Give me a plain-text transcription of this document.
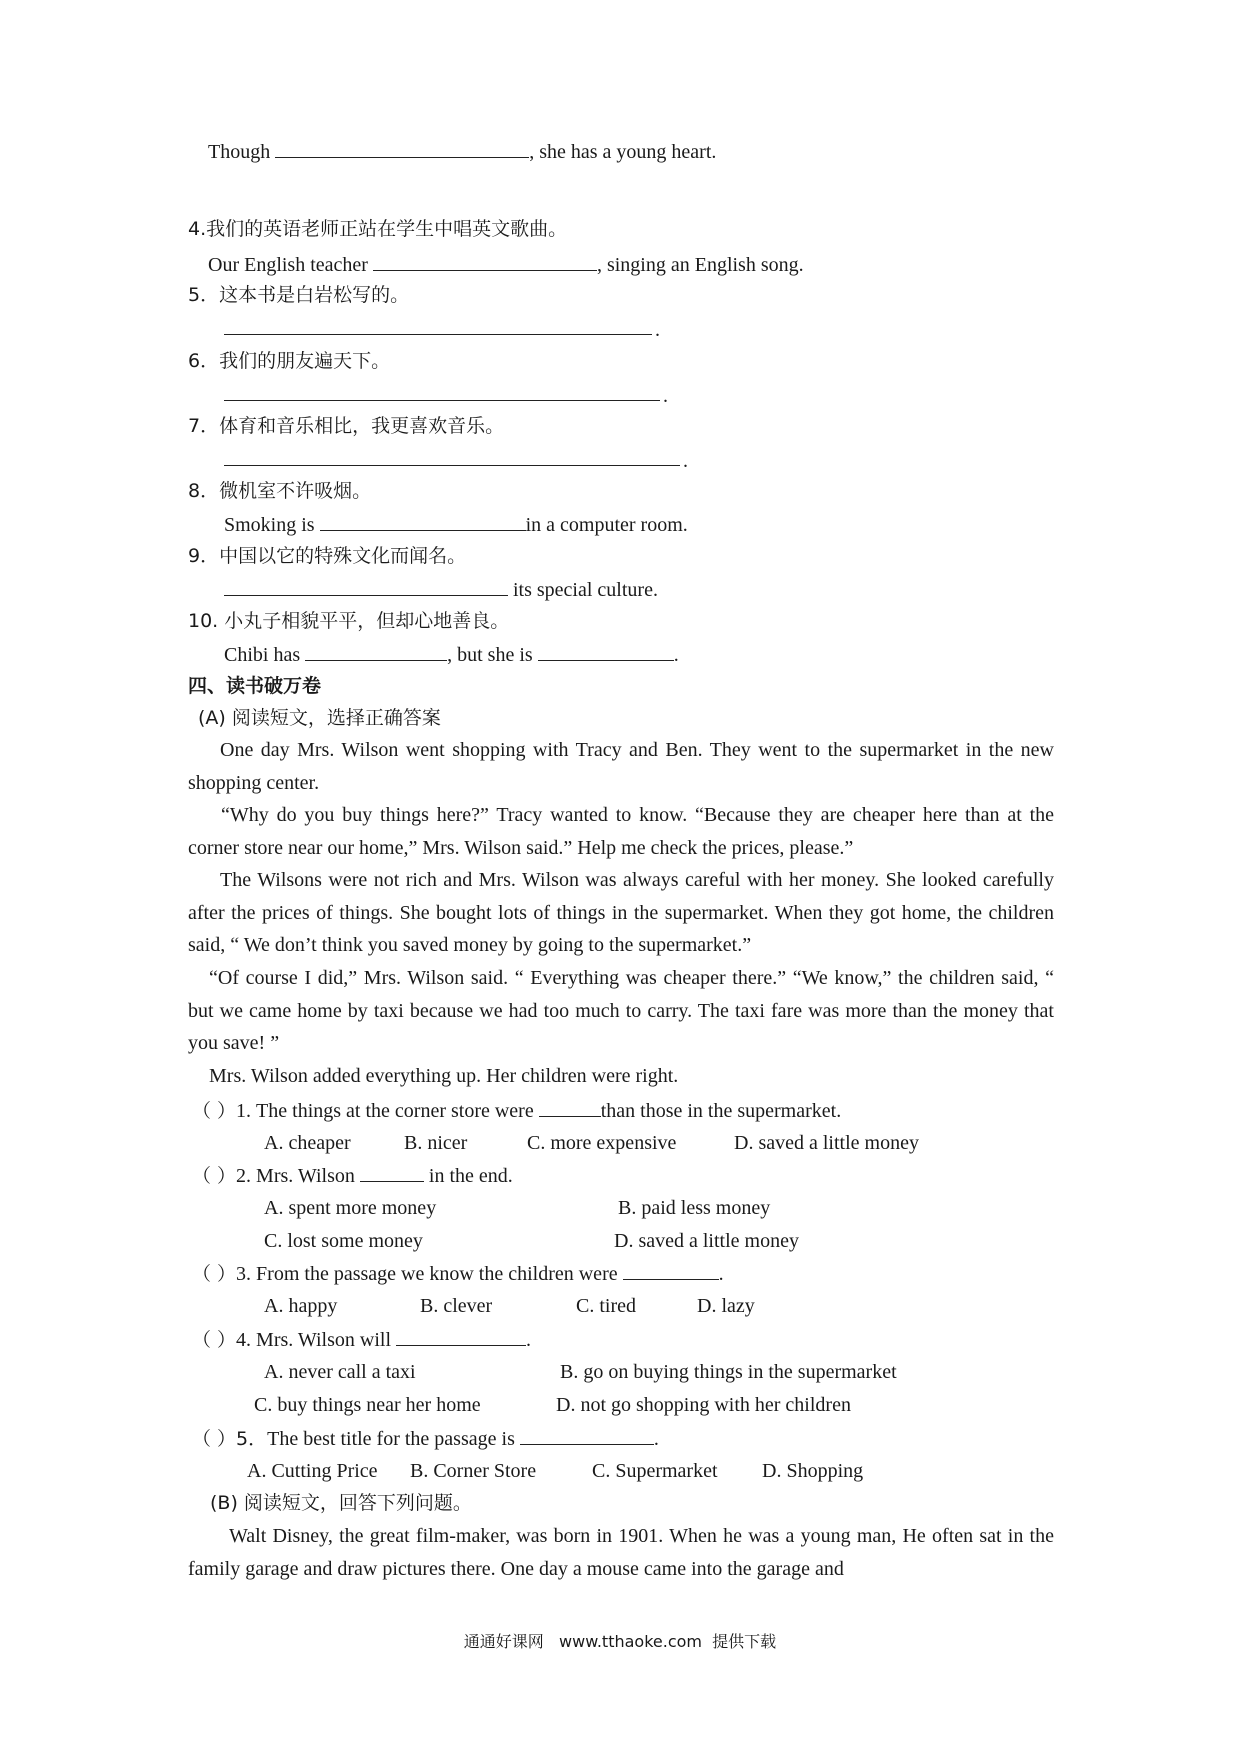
Though	, she has a young heart.
4.我们的英语老师正站在学生中唱英文歌曲。
Our English teacher	, singing an English song.
5．这本书是白岩松写的。
.
6．我们的朋友遍天下。
.
7．体育和音乐相比，我更喜欢音乐。
.
8．微机室不许吸烟。
Smoking is	in a computer room.
9．中国以它的特殊文化而闻名。
its special culture.
10. 小丸子相貌平平，但却心地善良。
Chibi has	, but she is	.
四、读书破万卷
(A) 阅读短文，选择正确答案
One day Mrs. Wilson went shopping with Tracy and Ben. They went to the supermarket in the new shopping center.
“Why do you buy things here?” Tracy wanted to know. “Because they are cheaper here than at the corner store near our home,” Mrs. Wilson said.” Help me check the prices, please.”
The Wilsons were not rich and Mrs. Wilson was always careful with her money. She looked carefully after the prices of things. She bought lots of things in the supermarket. When they got home, the children said, “ We don’t think you saved money by going to the supermarket.”
“Of course I did,” Mrs. Wilson said. “ Everything was cheaper there.” “We know,” the children said, “ but we came home by taxi because we had too much to carry. The taxi fare was more than the money that you save! ”
Mrs. Wilson added everything up. Her children were right.
（ ）1. The things at the corner store were	than those in the supermarket.
A. cheaper	B. nicer	C. more expensive	D. saved a little money
（ ）2. Mrs. Wilson	in the end.
A. spent more money	B. paid less money
C. lost some money	D. saved a little money
（ ）3. From the passage we know the children were	.
A. happy	B. clever	C. tired	D. lazy
（ ）4. Mrs. Wilson will	.
A. never call a taxi	B. go on buying things in the supermarket
C. buy things near her home	D. not go shopping with her children
（ ）5．The best title for the passage is	.
A. Cutting Price B. Corner Store	C. Supermarket D. Shopping
(B) 阅读短文，回答下列问题。
Walt Disney, the great film-maker, was born in 1901. When he was a young man, He often sat in the family garage and draw pictures there. One day a mouse came into the garage and
通通好课网   www.tthaoke.com  提供下载
